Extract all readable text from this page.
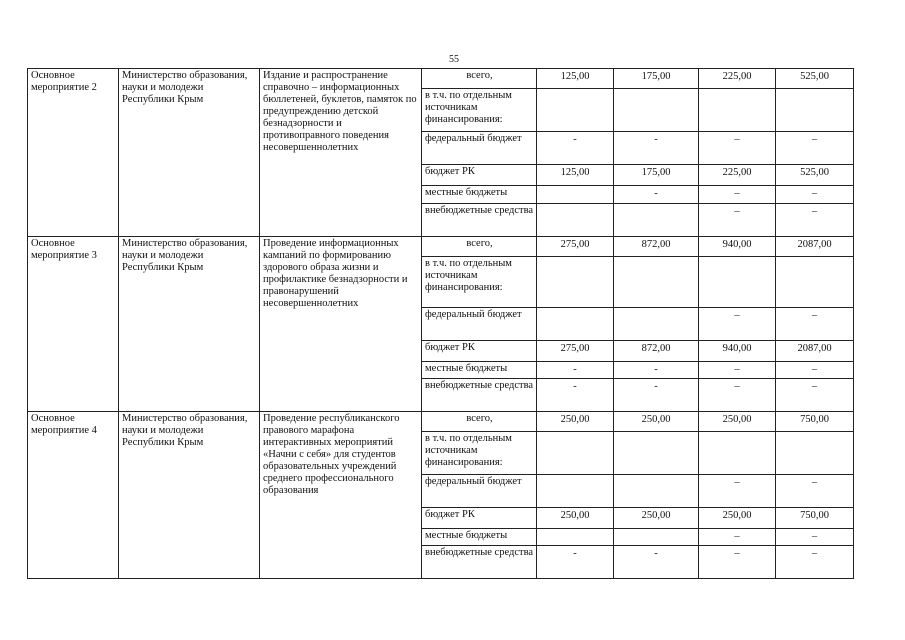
55
Основное мероприятие 2	Министерство образования, науки и молодежи Республики Крым	Издание и распространение справочно – информационных бюллетеней, буклетов, памяток по предупреждению детской безнадзорности и противоправного поведения несовершеннолетних	всего,	125,00	175,00	225,00	525,00
			в т.ч. по отдельным источникам финансирования:				
			федеральный бюджет	-	-	–	–
			бюджет РК	125,00	175,00	225,00	525,00
			местные бюджеты		-	–	–
			внебюджетные средства			–	–
Основное мероприятие 3	Министерство образования, науки и молодежи Республики Крым	Проведение информационных кампаний по формированию здорового образа жизни и профилактике безнадзорности и правонарушений несовершеннолетних	всего,	275,00	872,00	940,00	2087,00
			в т.ч. по отдельным источникам финансирования:				
			федеральный бюджет			–	–
			бюджет РК	275,00	872,00	940,00	2087,00
			местные бюджеты	-	-	–	–
			внебюджетные средства	-	-	–	–
Основное мероприятие 4	Министерство образования, науки и молодежи Республики Крым	Проведение республиканского правового марафона интерактивных мероприятий «Начни с себя» для студентов образовательных учреждений среднего профессионального образования	всего,	250,00	250,00	250,00	750,00
			в т.ч. по отдельным источникам финансирования:				
			федеральный бюджет			–	–
			бюджет РК	250,00	250,00	250,00	750,00
			местные бюджеты			–	–
			внебюджетные средства	-	-	–	–
